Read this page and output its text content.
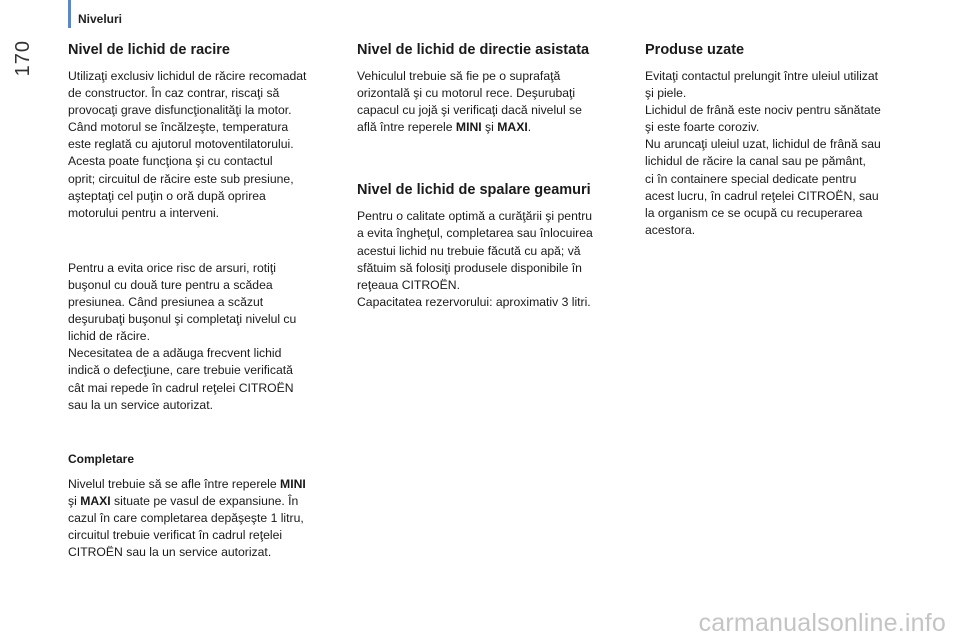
Niveluri
170 Nivel de lichid de racire

Utilizaţi exclusiv lichidul de răcire recomadat
de constructor. În caz contrar, riscaţi să
provocaţi grave disfuncţionalităţi la motor.
Când motorul se încălzeşte, temperatura
este reglată cu ajutorul motoventilatorului.
Acesta poate funcţiona şi cu contactul
oprit; circuitul de răcire este sub presiune,
aşteptaţi cel puţin o oră după oprirea
motorului pentru a interveni.

Pentru a evita orice risc de arsuri, rotiţi
buşonul cu două ture pentru a scădea
presiunea. Când presiunea a scăzut
deşurubaţi buşonul şi completaţi nivelul cu
lichid de răcire.
Necesitatea de a adăuga frecvent lichid
indică o defecţiune, care trebuie verificată
cât mai repede în cadrul reţelei CITROËN
sau la un service autorizat.

Completare

Nivelul trebuie să se afle între reperele MINI
şi MAXI situate pe vasul de expansiune. În
cazul în care completarea depăşeşte 1 litru,
circuitul trebuie verificat în cadrul reţelei
CITROËN sau la un service autorizat.

Nivel de lichid de directie asistata

Vehiculul trebuie să fie pe o suprafaţă
orizontală şi cu motorul rece. Deşurubaţi
capacul cu jojă şi verificaţi dacă nivelul se
află între reperele MINI şi MAXI.

Nivel de lichid de spalare geamuri

Pentru o calitate optimă a curăţării şi pentru
a evita îngheţul, completarea sau înlocuirea
acestui lichid nu trebuie făcută cu apă; vă
sfătuim să folosiţi produsele disponibile în
reţeaua CITROËN.
Capacitatea rezervorului: aproximativ 3 litri.

Produse uzate

Evitaţi contactul prelungit între uleiul utilizat
şi piele.
Lichidul de frână este nociv pentru sănătate
şi este foarte coroziv.
Nu aruncaţi uleiul uzat, lichidul de frână sau
lichidul de răcire la canal sau pe pământ,
ci în containere special dedicate pentru
acest lucru, în cadrul reţelei CITROËN, sau
la organism ce se ocupă cu recuperarea
acestora.

carmanualsonline.info
